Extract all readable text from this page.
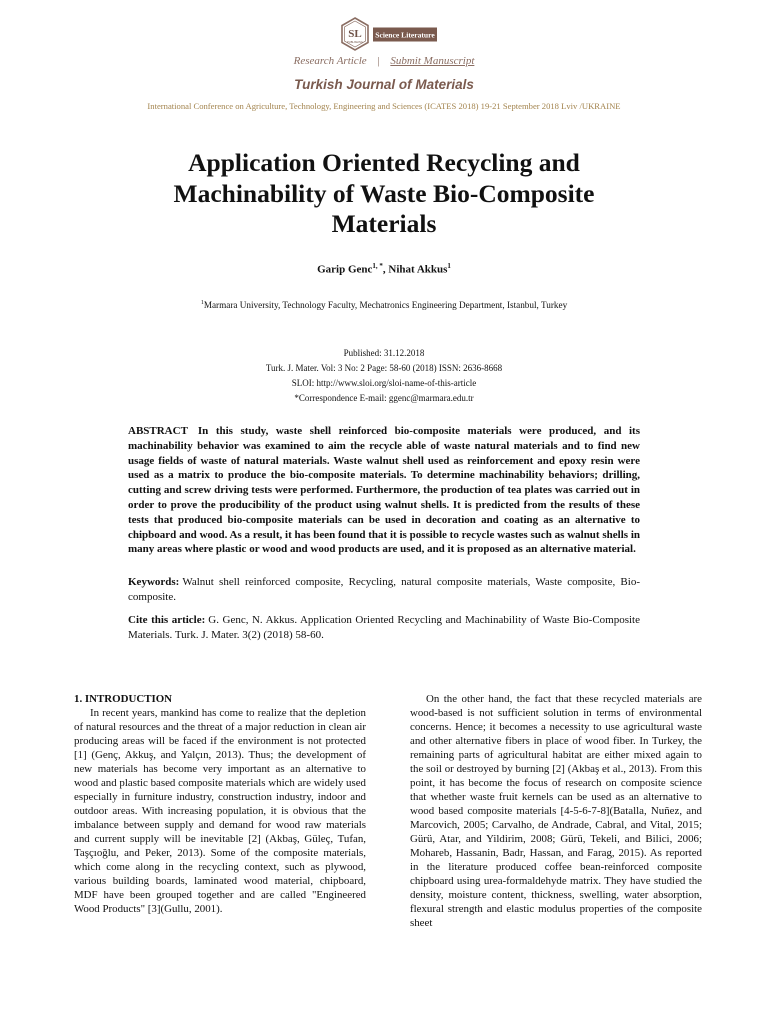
SL
PUBLISHING
Science Literature
Research Article | Submit Manuscript
Turkish Journal of Materials
International Conference on Agriculture, Technology, Engineering and Sciences (ICATES 2018) 19-21 September 2018 Lviv /UKRAINE
Application Oriented Recycling and Machinability of Waste Bio-Composite Materials
Garip Genc$^{1, *}$, Nihat Akkus$^1$
$^1$Marmara University, Technology Faculty, Mechatronics Engineering Department, Istanbul, Turkey
Published: 31.12.2018
Turk. J. Mater. Vol: 3 No: 2 Page: 58-60 (2018) ISSN: 2636-8668
SLOI: http://www.sloi.org/sloi-name-of-this-article
*Correspondence E-mail: ggenc@marmara.edu.tr
ABSTRACT In this study, waste shell reinforced bio-composite materials were produced, and its machinability behavior was examined to aim the recycle able of waste natural materials and to find new usage fields of waste of natural materials. Waste walnut shell used as reinforcement and epoxy resin were used as a matrix to produce the bio-composite materials. To determine machinability behaviors; drilling, cutting and screw driving tests were performed. Furthermore, the production of tea plates was carried out in order to prove the producibility of the product using walnut shells. It is predicted from the results of these tests that produced bio-composite materials can be used in decoration and coating as an alternative to chipboard and wood. As a result, it has been found that it is possible to recycle wastes such as walnut shells in many areas where plastic or wood and wood products are used, and it is proposed as an alternative material.
Keywords: Walnut shell reinforced composite, Recycling, natural composite materials, Waste composite, Bio-composite.
Cite this article: G. Genc, N. Akkus. Application Oriented Recycling and Machinability of Waste Bio-Composite Materials. Turk. J. Mater. 3(2) (2018) 58-60.
1. INTRODUCTION

In recent years, mankind has come to realize that the depletion of natural resources and the threat of a major reduction in clean air producing areas will be faced if the environment is not protected [1] (Genç, Akkuş, and Yalçın, 2013). Thus; the development of new materials has become very important as an alternative to wood and plastic based composite materials which are widely used especially in furniture industry, construction industry, indoor and outdoor areas. With increasing population, it is obvious that the imbalance between supply and demand for wood raw materials and current supply will be inevitable [2] (Akbaş, Güleç, Tufan, Taşçıoğlu, and Peker, 2013). Some of the composite materials, which come along in the recycling context, such as plywood, various building boards, laminated wood material, chipboard, MDF have been grouped together and are called "Engineered Wood Products" [3](Gullu, 2001).

On the other hand, the fact that these recycled materials are wood-based is not sufficient solution in terms of environmental concerns. Hence; it becomes a necessity to use agricultural waste and other alternative fibers in place of wood fiber. In Turkey, the remaining parts of agricultural habitat are either mixed again to the soil or destroyed by burning [2] (Akbaş et al., 2013). From this point, it has become the focus of research on composite science that whether waste fruit kernels can be used as an alternative to wood based composite materials [4-5-6-7-8](Batalla, Nuñez, and Marcovich, 2005; Carvalho, de Andrade, Cabral, and Vital, 2015; Gürü, Atar, and Yildirim, 2008; Gürü, Tekeli, and Bilici, 2006; Mohareb, Hassanin, Badr, Hassan, and Farag, 2015). As reported in the literature produced coffee bean-reinforced composite chipboard using urea-formaldehyde matrix. They have studied the density, moisture content, thickness, swelling, water absorption, flexural strength and elastic modulus properties of the composite sheet
